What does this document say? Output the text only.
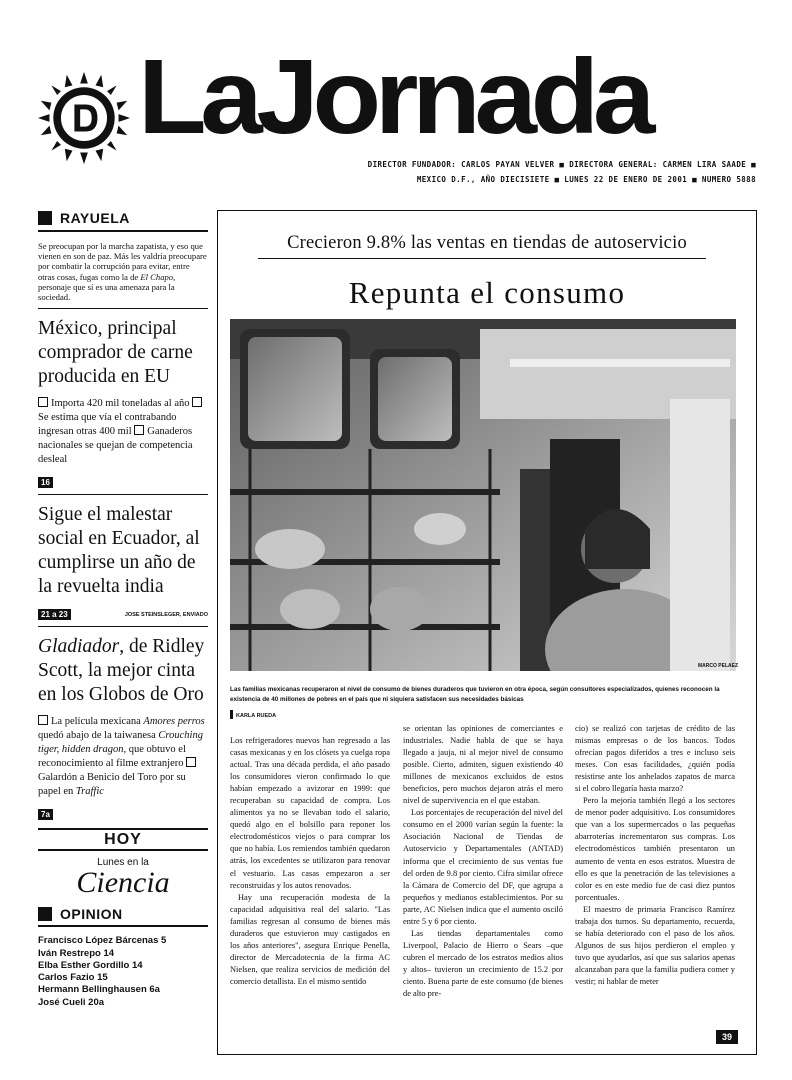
LaJornada
DIRECTOR FUNDADOR: CARLOS PAYAN VELVER ■ DIRECTORA GENERAL: CARMEN LIRA SAADE ■
MEXICO D.F., AÑO DIECISIETE ■ LUNES 22 DE ENERO DE 2001 ■ NUMERO 5888
RAYUELA
Se preocupan por la marcha zapatista, y eso que vienen en son de paz. Más les valdría preocupare por combatir la corrupción para evitar, entre otras cosas, fugas como la de El Chapo, personaje que sí es una amenaza para la sociedad.
México, principal comprador de carne producida en EU
Importa 420 mil toneladas al año Se estima que vía el contrabando ingresan otras 400 mil Ganaderos nacionales se quejan de competencia desleal
16
Sigue el malestar social en Ecuador, al cumplirse un año de la revuelta india
21 a 23	JOSE STEINSLEGER, ENVIADO
Gladiador, de Ridley Scott, la mejor cinta en los Globos de Oro
La película mexicana Amores perros quedó abajo de la taiwanesa Crouching tiger, hidden dragon, que obtuvo el reconocimiento al filme extranjero Galardón a Benicio del Toro por su papel en Traffic
7a
HOY
Lunes en la
Ciencia
OPINION
Francisco López Bárcenas 5
Iván Restrepo 14
Elba Esther Gordillo 14
Carlos Fazio 15
Hermann Bellinghausen 6a
José Cueli 20a
Crecieron 9.8% las ventas en tiendas de autoservicio
Repunta el consumo
MARCO PELAEZ
Las familias mexicanas recuperaron el nivel de consumo de bienes duraderos que tuvieron en otra época, según consultores especializados, quienes reconocen la existencia de 40 millones de pobres en el país que ni siquiera satisfacen sus necesidades básicas
KARLA RUEDA

Los refrigeradores nuevos han regresado a las casas mexicanas y en los clósets ya cuelga ropa actual. Tras una década perdida, el año pasado los consumidores vieron confirmado lo que habían empezado a avizorar en 1999: que recuperaban su capacidad de compra. Los alimentos ya no se llevaban todo el salario, quedó algo en el bolsillo para reponer los electrodomésticos viejos o para comprar los que no había. Los remiendos también quedaron atrás, los excedentes se utilizaron para renovar el vestuario. Las casas empezaron a ser reconstruidas y los autos renovados.

Hay una recuperación modesta de la capacidad adquisitiva real del salario. "Las familias regresan al consumo de bienes más duraderos que estuvieron muy castigados en los años anteriores", asegura Enrique Penella, director de Mercadotecnia de la firma AC Nielsen, que realiza servicios de medición del comercio detallista. En el mismo sentido

se orientan las opiniones de comerciantes e industriales. Nadie habla de que se haya llegado a jauja, ni al mejor nivel de consumo posible. Cierto, admiten, siguen existiendo 40 millones de mexicanos excluidos de estos beneficios, pero muchos dejaron atrás el mero nivel de supervivencia en el que estaban.

Los porcentajes de recuperación del nivel del consumo en el 2000 varían según la fuente: la Asociación Nacional de Tiendas de Autoservicio y Departamentales (ANTAD) informa que el crecimiento de sus ventas fue del orden de 9.8 por ciento. Cifra similar ofrece la Cámara de Comercio del DF, que agrupa a pequeños y medianos establecimientos. Por su parte, AC Nielsen indica que el aumento osciló entre 5 y 6 por ciento.

Las tiendas departamentales como Liverpool, Palacio de Hierro o Sears –que cubren el mercado de los estratos medios altos y altos– tuvieron un crecimiento de 15.2 por ciento. Buena parte de este consumo (de bienes de alto pre-

cio) se realizó con tarjetas de crédito de las mismas empresas o de los bancos. Todos ofrecían pagos diferidos a tres e incluso seis meses. Con esas facilidades, ¿quién podía resistirse ante los anhelados zapatos de marca si el cobro llegaría hasta marzo?

Pero la mejoría también llegó a los sectores de menor poder adquisitivo. Los consumidores que van a los supermercados o las pequeñas abarroterías incrementaron sus compras. Los electrodomésticos también presentaron un aumento de venta en esos estratos. Muestra de ello es que la penetración de las televisiones a color es en este medio fue de casi diez puntos porcentuales.

El maestro de primaria Francisco Ramírez trabaja dos turnos. Su departamento, recuerda, se había deteriorado con el paso de los años. Algunos de sus hijos perdieron el empleo y tuvo que ayudarlos, así que sus salarios apenas alcanzaban para que la familia pudiera comer y vestir; ni hablar de meter

39
